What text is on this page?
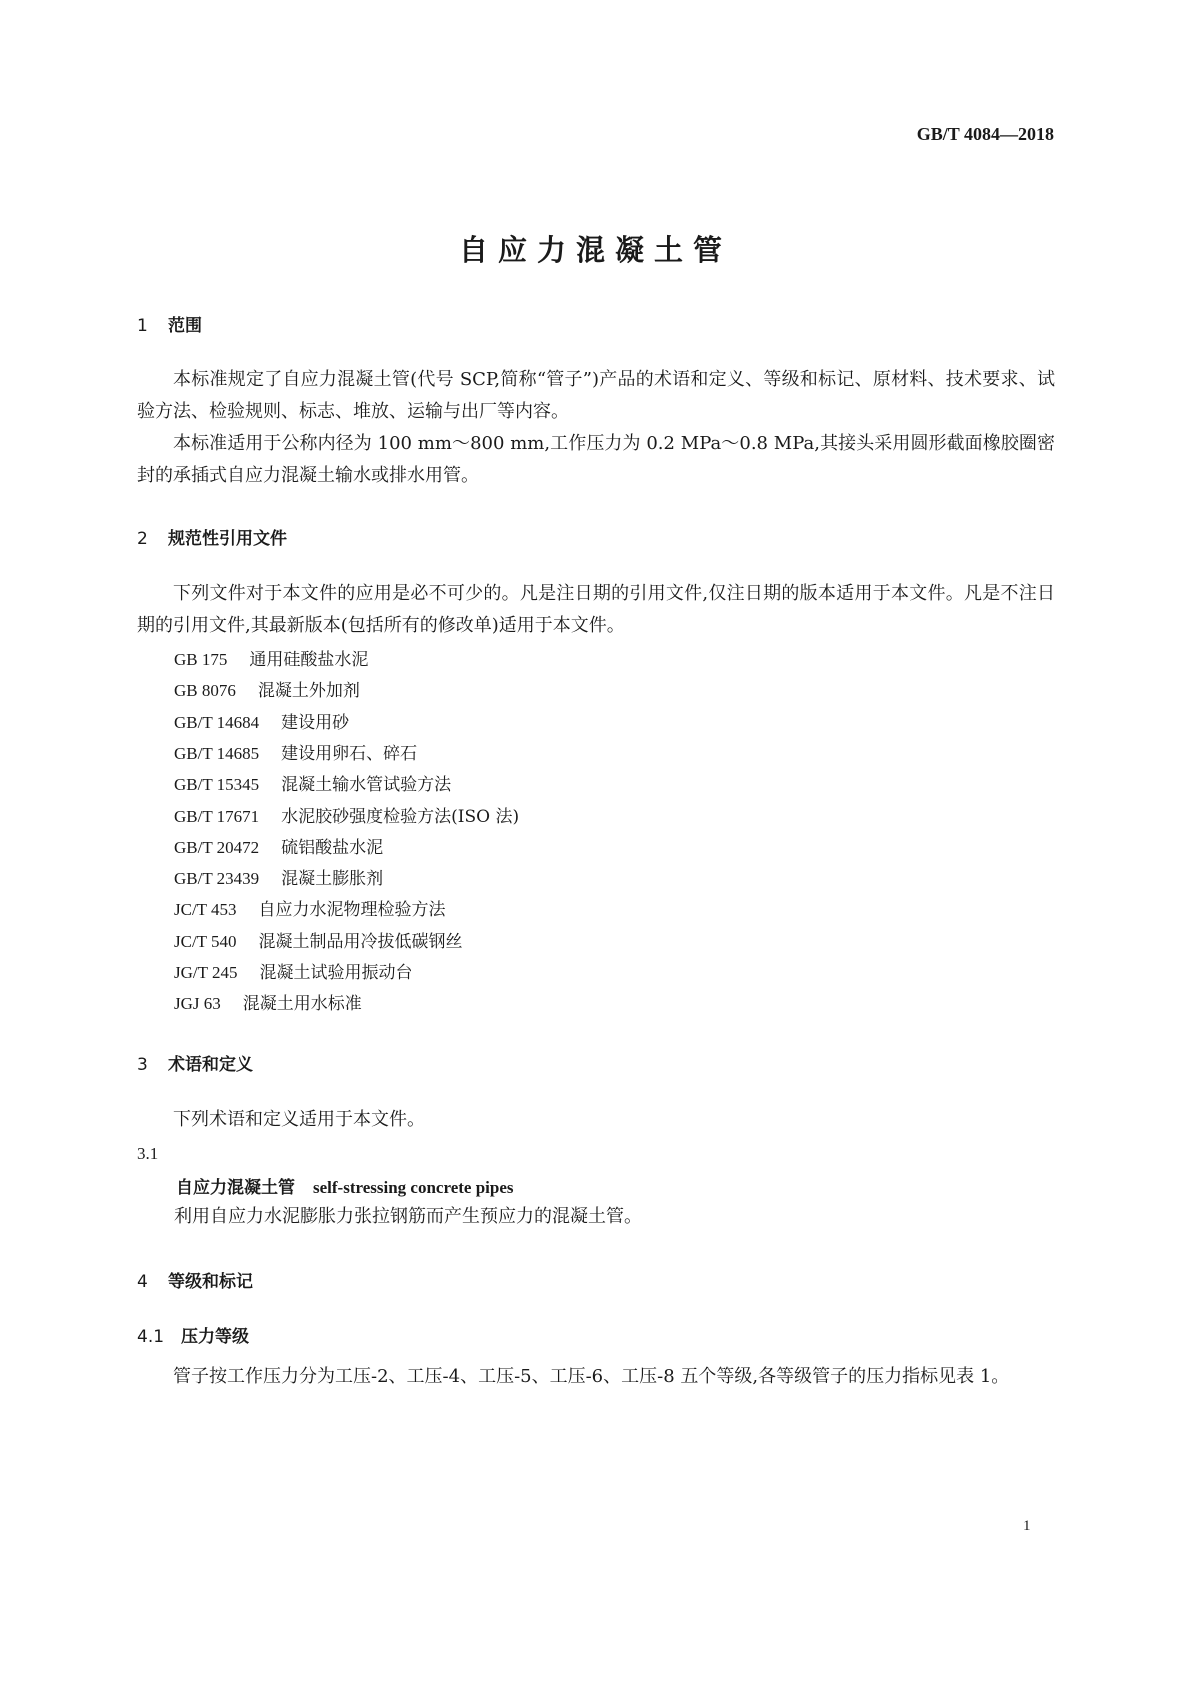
GB/T 4084—2018
自应力混凝土管
1 范围

本标准规定了自应力混凝土管(代号 SCP,简称“管子”)产品的术语和定义、等级和标记、原材料、技术要求、试验方法、检验规则、标志、堆放、运输与出厂等内容。

本标准适用于公称内径为 100 mm～800 mm,工作压力为 0.2 MPa～0.8 MPa,其接头采用圆形截面橡胶圈密封的承插式自应力混凝土输水或排水用管。

2 规范性引用文件

下列文件对于本文件的应用是必不可少的。凡是注日期的引用文件,仅注日期的版本适用于本文件。凡是不注日期的引用文件,其最新版本(包括所有的修改单)适用于本文件。

GB 175 通用硅酸盐水泥
GB 8076 混凝土外加剂
GB/T 14684 建设用砂
GB/T 14685 建设用卵石、碎石
GB/T 15345 混凝土输水管试验方法
GB/T 17671 水泥胶砂强度检验方法(ISO 法)
GB/T 20472 硫铝酸盐水泥
GB/T 23439 混凝土膨胀剂
JC/T 453 自应力水泥物理检验方法
JC/T 540 混凝土制品用冷拔低碳钢丝
JG/T 245 混凝土试验用振动台
JGJ 63 混凝土用水标准
3 术语和定义

下列术语和定义适用于本文件。

3.1
自应力混凝土管 self-stressing concrete pipes
利用自应力水泥膨胀力张拉钢筋而产生预应力的混凝土管。
4 等级和标记
4.1 压力等级

管子按工作压力分为工压-2、工压-4、工压-5、工压-6、工压-8 五个等级,各等级管子的压力指标见表 1。

1
